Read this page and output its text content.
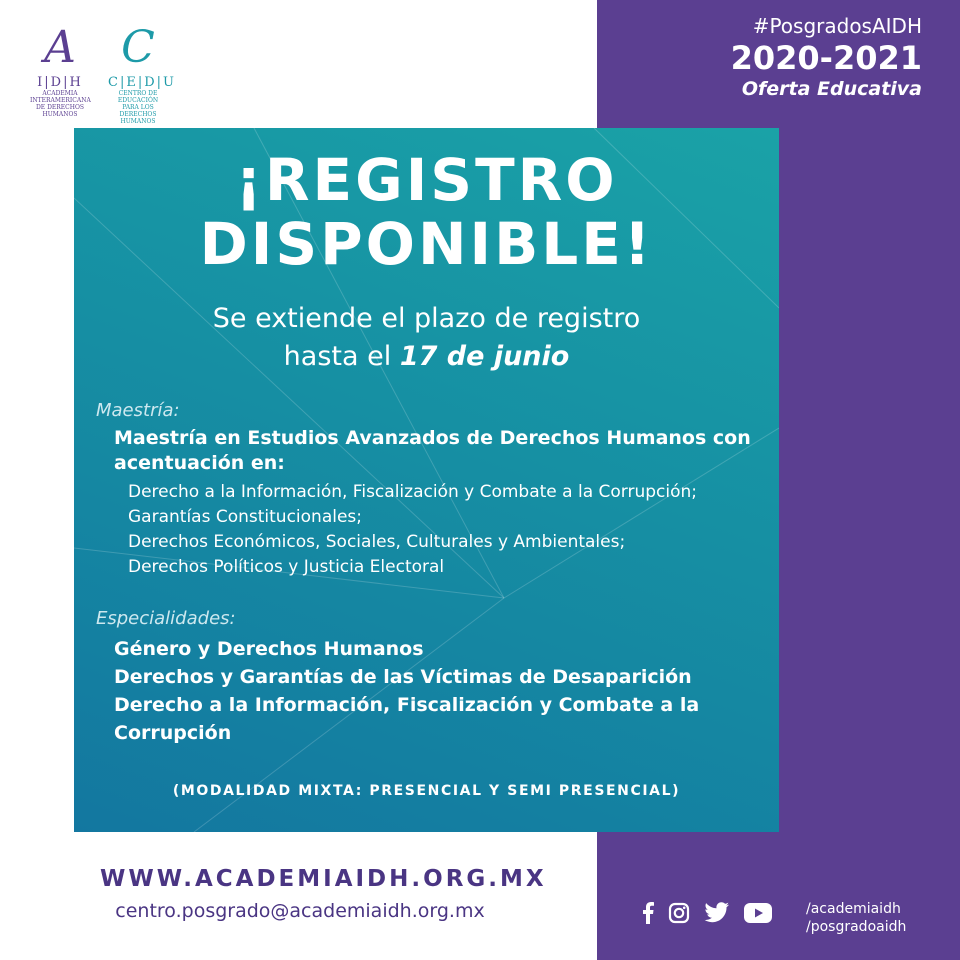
#PosgradosAIDH
2020-2021
Oferta Educativa
A
I|D|H
ACADEMIA
INTERAMERICANA
DE DERECHOS HUMANOS
C
C|E|D|U
CENTRO DE EDUCACIÓN
PARA LOS DERECHOS
HUMANOS
¡REGISTRO
DISPONIBLE!
Se extiende el plazo de registro
hasta el 17 de junio
Maestría:
Maestría en Estudios Avanzados de Derechos Humanos con acentuación en:
Derecho a la Información, Fiscalización y Combate a la Corrupción;
Garantías Constitucionales;
Derechos Económicos, Sociales, Culturales y Ambientales;
Derechos Políticos y Justicia Electoral
Especialidades:
Género y Derechos Humanos
Derechos y Garantías de las Víctimas de Desaparición
Derecho a la Información, Fiscalización y Combate a la Corrupción
(MODALIDAD MIXTA: PRESENCIAL Y SEMI PRESENCIAL)
WWW.ACADEMIAIDH.ORG.MX
centro.posgrado@academiaidh.org.mx	/academiaidh
/posgradoaidh
